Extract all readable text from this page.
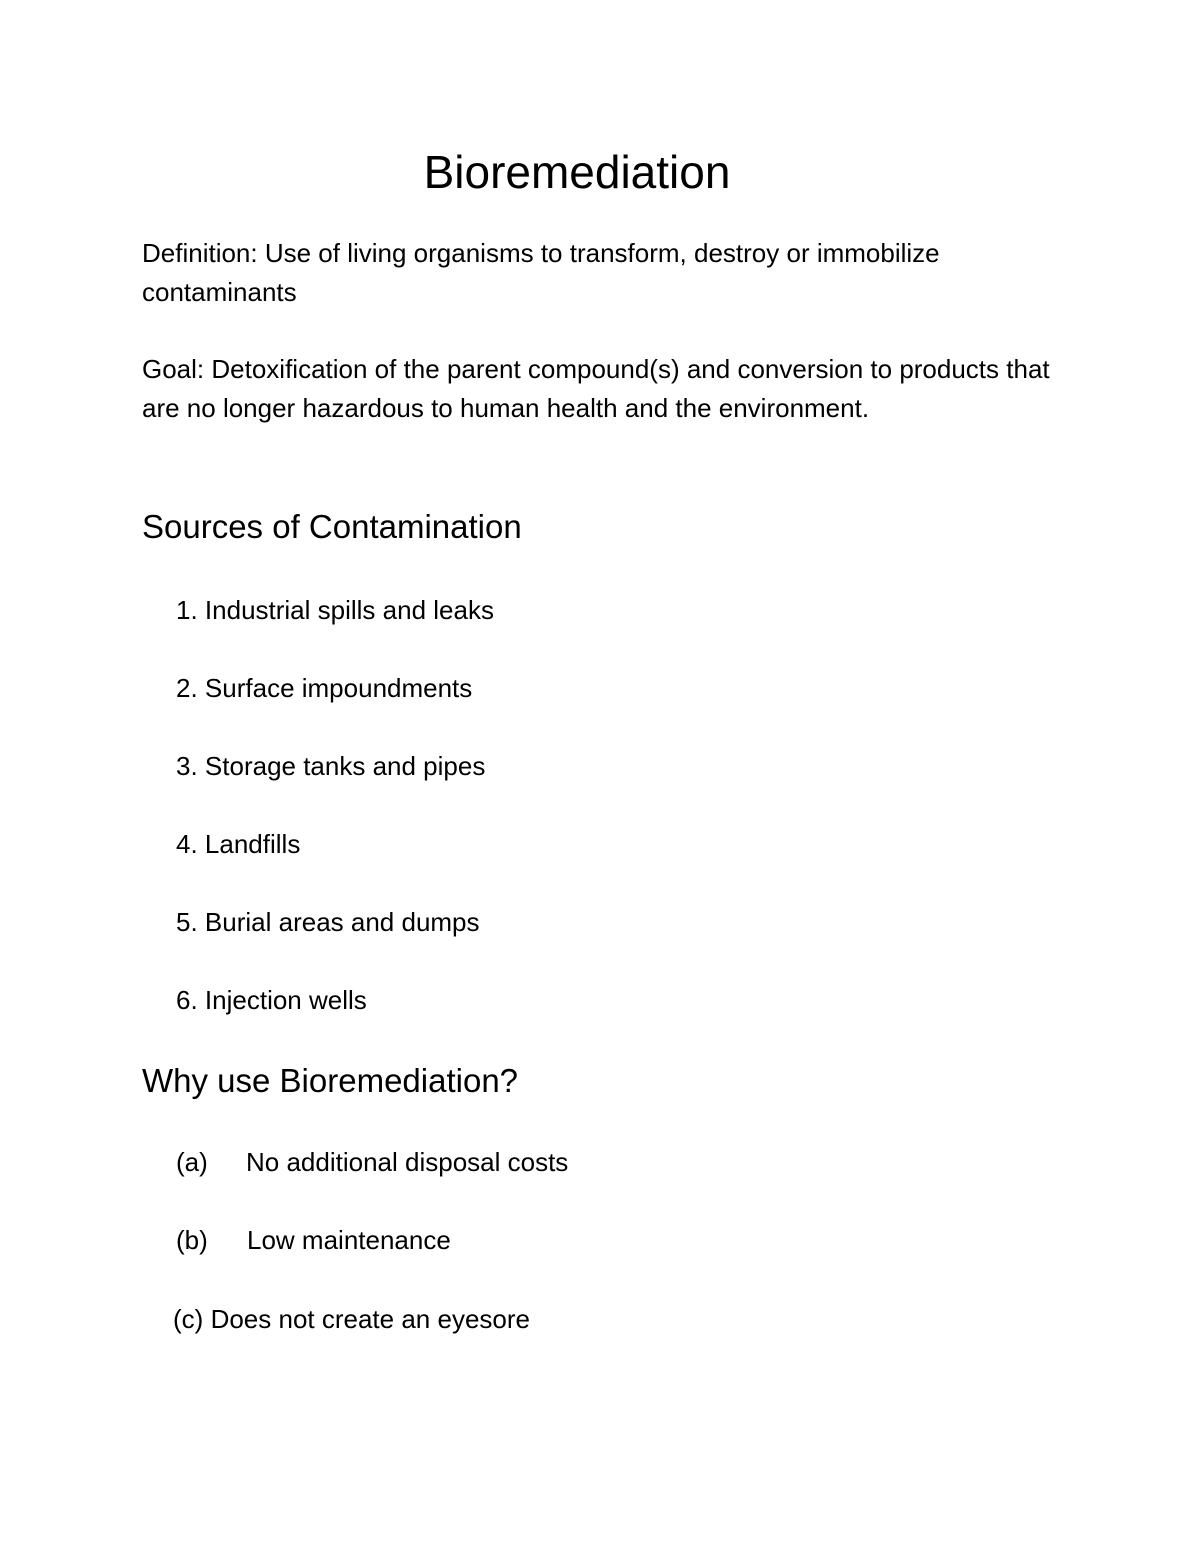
Bioremediation

Definition: Use of living organisms to transform, destroy or immobilize contaminants

Goal: Detoxification of the parent compound(s) and conversion to products that are no longer hazardous to human health and the environment.

Sources of Contamination
1. Industrial spills and leaks
2. Surface impoundments
3. Storage tanks and pipes
4. Landfills
5. Burial areas and dumps
6. Injection wells
Why use Bioremediation?
(a) No additional disposal costs
(b) Low maintenance
(c) Does not create an eyesore
